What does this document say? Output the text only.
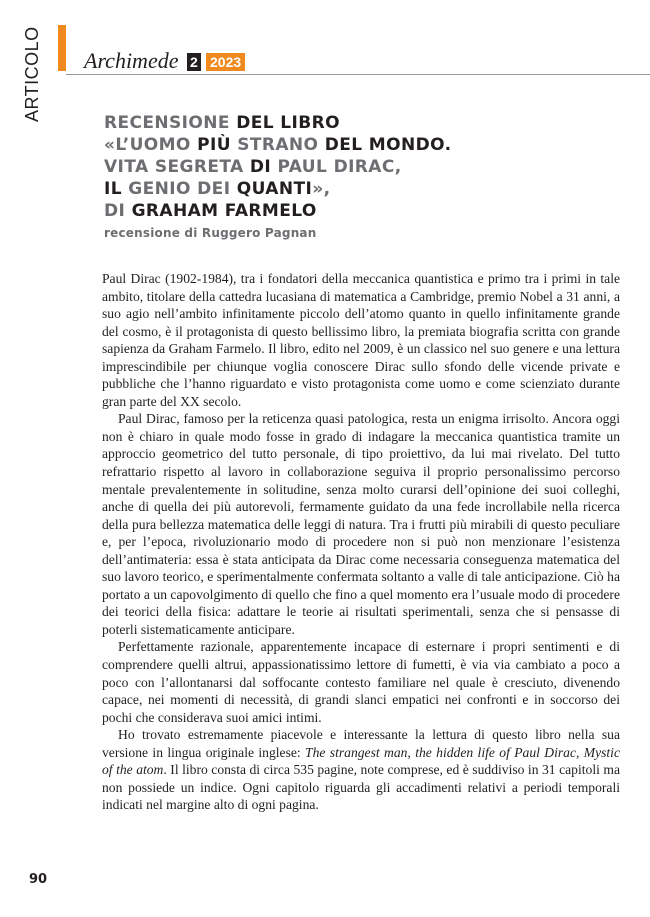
ARTICOLO Archimede 2 2023
RECENSIONE DEL LIBRO
«L’UOMO PIÙ STRANO DEL MONDO.
VITA SEGRETA DI PAUL DIRAC,
IL GENIO DEI QUANTI»,
DI GRAHAM FARMELO
recensione di Ruggero Pagnan

Paul Dirac (1902-1984), tra i fondatori della meccanica quantistica e primo tra i primi in tale ambito, titolare della cattedra lucasiana di matematica a Cambridge, premio Nobel a 31 anni, a suo agio nell’ambito infinitamente piccolo dell’atomo quanto in quello infinitamente grande del cosmo, è il protagonista di questo bellissimo libro, la premiata biografia scritta con grande sapienza da Graham Farmelo. Il libro, edito nel 2009, è un classico nel suo genere e una lettura imprescindibile per chiunque voglia conoscere Dirac sullo sfondo delle vicende private e pubbliche che l’hanno riguardato e visto protagonista come uomo e come scienziato durante gran parte del XX secolo.

Paul Dirac, famoso per la reticenza quasi patologica, resta un enigma irrisolto. Ancora oggi non è chiaro in quale modo fosse in grado di indagare la meccanica quantistica tramite un approccio geometrico del tutto personale, di tipo proiettivo, da lui mai rivelato. Del tutto refrattario rispetto al lavoro in collaborazione seguiva il proprio personalissimo percorso mentale prevalentemente in solitudine, senza molto curarsi dell’opinione dei suoi colleghi, anche di quella dei più autorevoli, fermamente guidato da una fede incrollabile nella ricerca della pura bellezza matematica delle leggi di natura. Tra i frutti più mirabili di questo peculiare e, per l’epoca, rivoluzionario modo di procedere non si può non menzionare l’esistenza dell’antimateria: essa è stata anticipata da Dirac come necessaria conseguenza matematica del suo lavoro teorico, e sperimentalmente confermata soltanto a valle di tale anticipazione. Ciò ha portato a un capovolgimento di quello che fino a quel momento era l’usuale modo di procedere dei teorici della fisica: adattare le teorie ai risultati sperimentali, senza che si pensasse di poterli sistematicamente anticipare.

Perfettamente razionale, apparentemente incapace di esternare i propri sentimenti e di comprendere quelli altrui, appassionatissimo lettore di fumetti, è via via cambiato a poco a poco con l’allontanarsi dal soffocante contesto familiare nel quale è cresciuto, divenendo capace, nei momenti di necessità, di grandi slanci empatici nei confronti e in soccorso dei pochi che considerava suoi amici intimi.

Ho trovato estremamente piacevole e interessante la lettura di questo libro nella sua versione in lingua originale inglese: The strangest man, the hidden life of Paul Dirac, Mystic of the atom. Il libro consta di circa 535 pagine, note comprese, ed è suddiviso in 31 capitoli ma non possiede un indice. Ogni capitolo riguarda gli accadimenti relativi a periodi temporali indicati nel margine alto di ogni pagina.

90
